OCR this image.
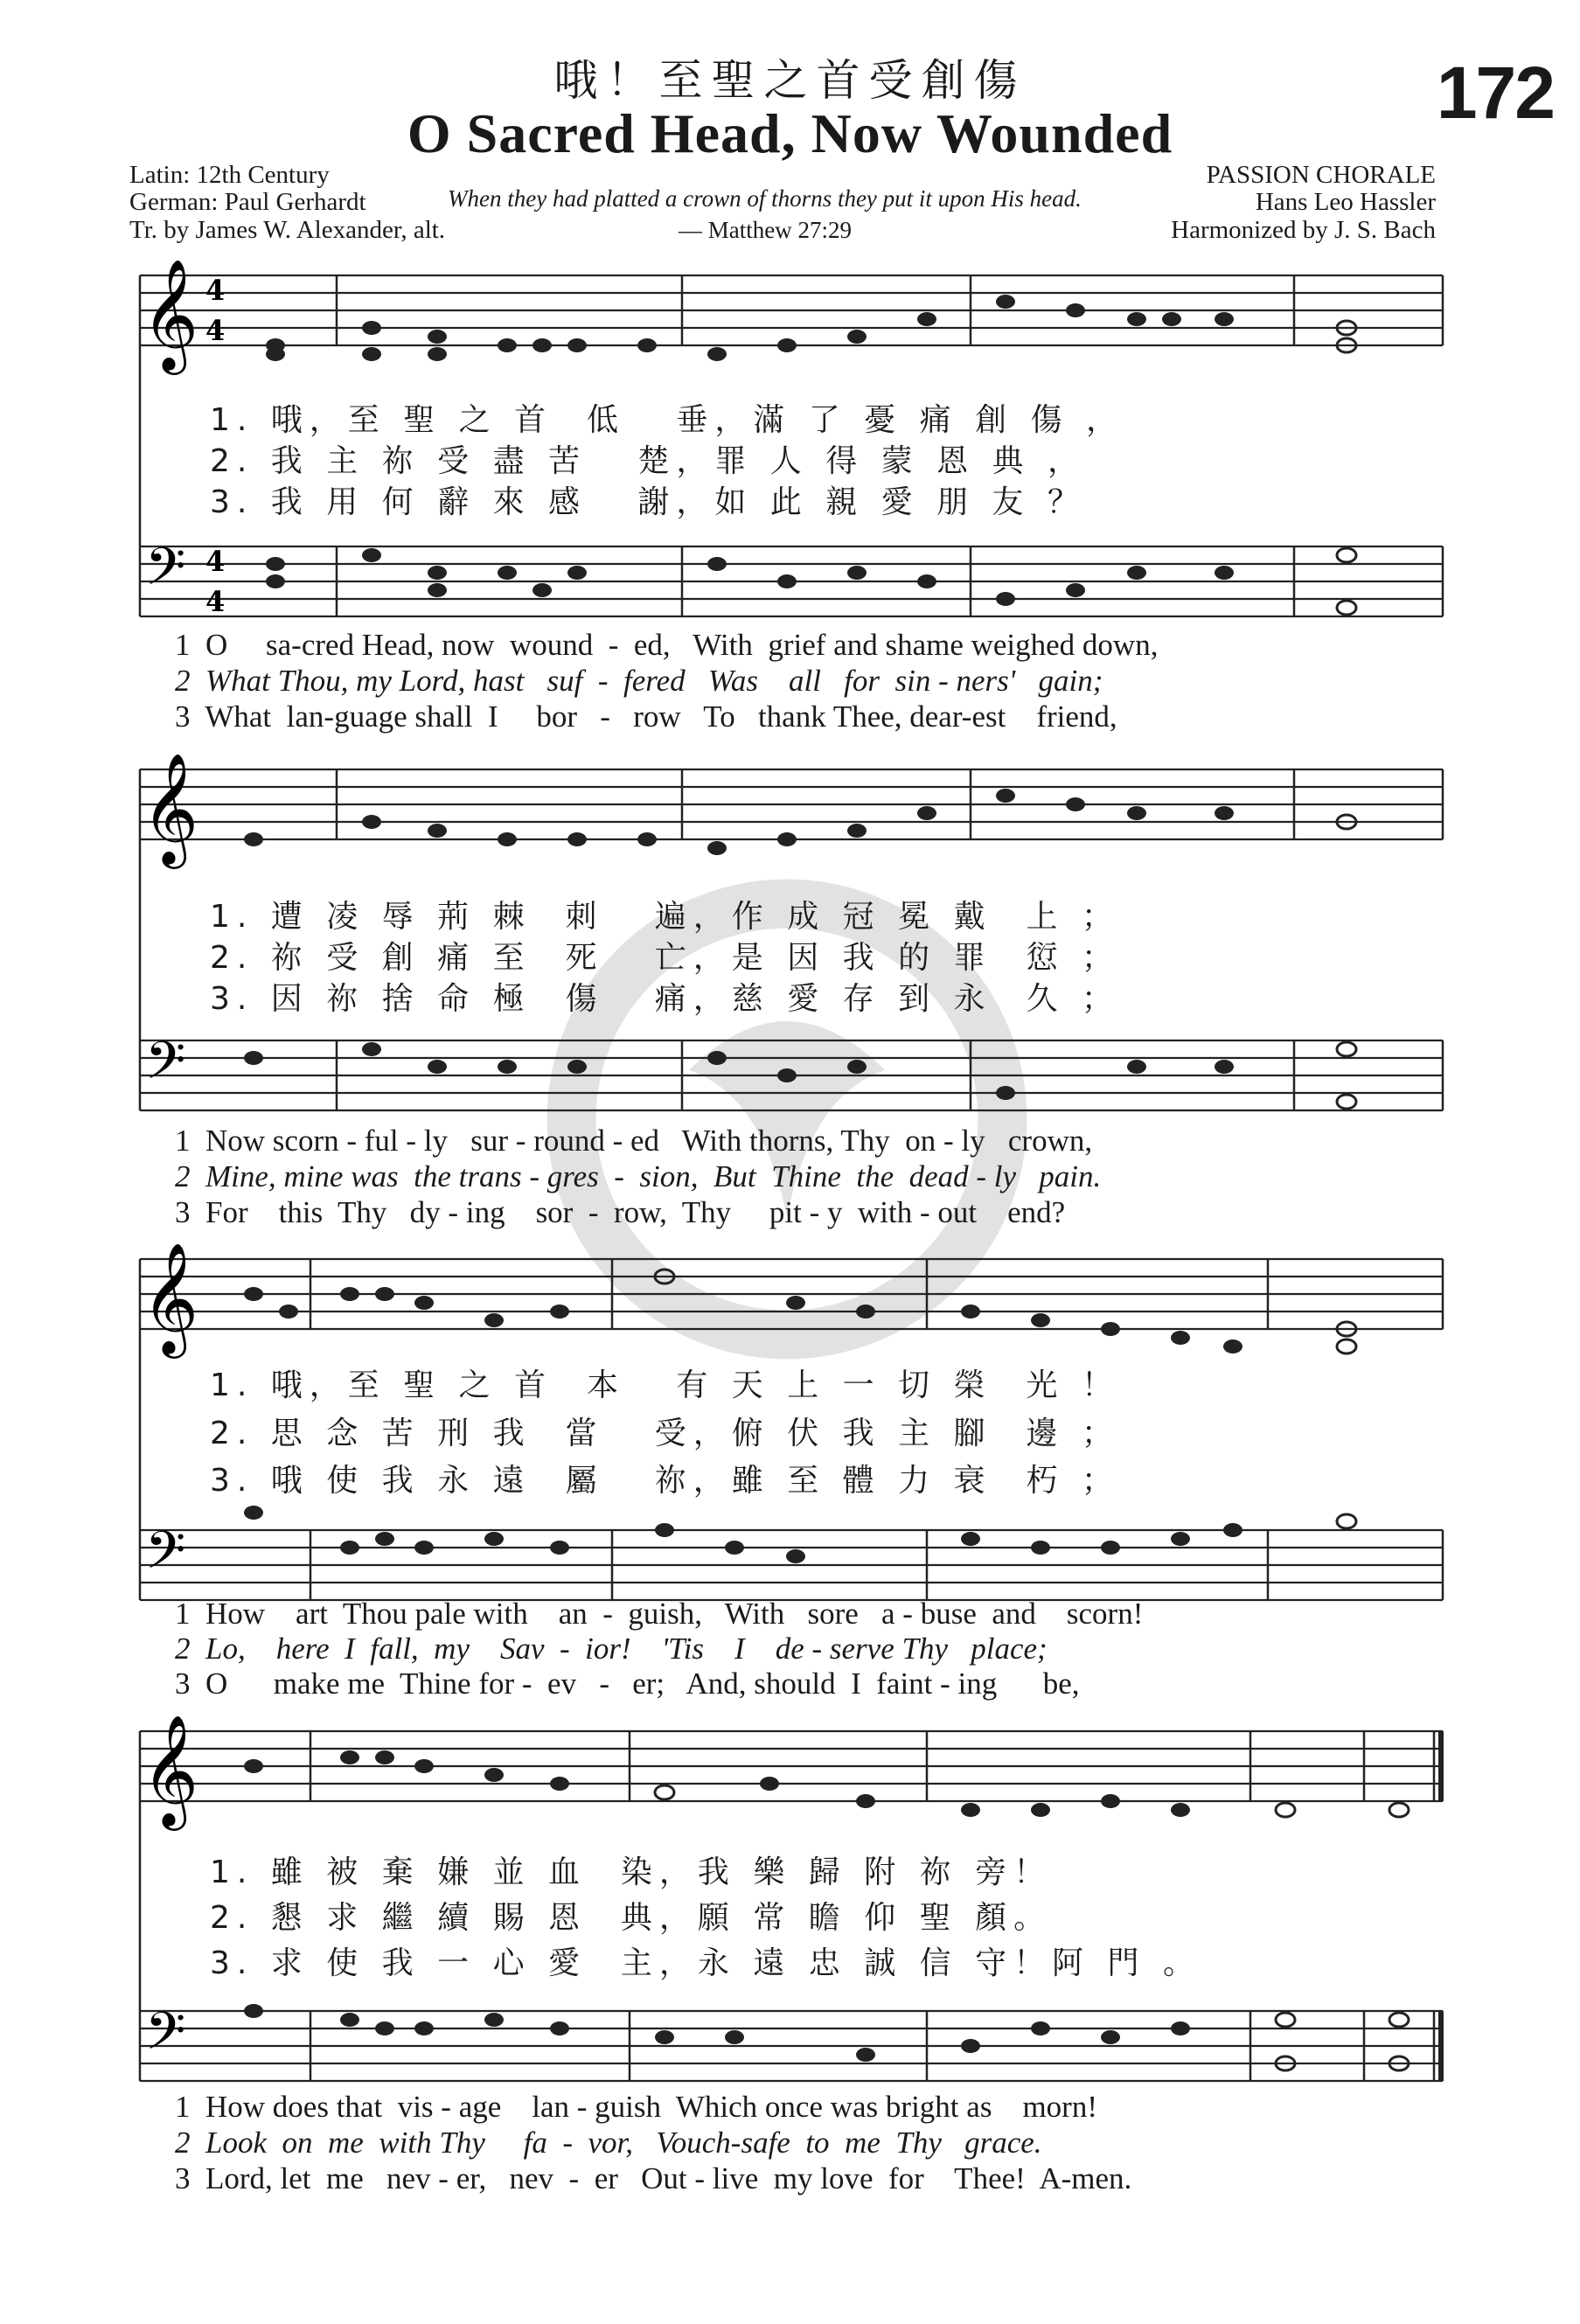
哦！至聖之首受創傷	172
O Sacred Head, Now Wounded
Latin: 12th Century
German: Paul Gerhardt
Tr. by James W. Alexander, alt.
When they had platted a crown of thorns they put it upon His head.
— Matthew 27:29
PASSION CHORALE
Hans Leo Hassler
Harmonized by J. S. Bach
𝄞 4
4
𝄢 4
4
1. 哦，至 聖 之 首  低   垂，滿 了 憂 痛 創 傷 ，
2. 我 主 祢 受 盡 苦   楚，罪 人 得 蒙 恩 典 ，
3. 我 用 何 辭 來 感   謝，如 此 親 愛 朋 友 ？
1  O     sa-cred Head, now  wound  -  ed,   With  grief and shame weighed down,
2  What Thou, my Lord, hast   suf  -  fered   Was    all   for  sin - ners'   gain;
3  What  lan-guage shall  I     bor   -   row   To   thank Thee, dear-est    friend,
𝄞
𝄢
1. 遭 凌 辱 荊 棘  刺   遍，作 成 冠 冕 戴  上 ；
2. 祢 受 創 痛 至  死   亡，是 因 我 的 罪  愆 ；
3. 因 祢 捨 命 極  傷   痛，慈 愛 存 到 永  久 ；
1  Now scorn - ful - ly   sur - round - ed   With thorns, Thy  on - ly   crown,
2  Mine, mine was  the trans - gres  -  sion,  But  Thine  the  dead - ly   pain.
3  For    this  Thy   dy - ing    sor  -  row,  Thy     pit - y  with - out    end?
𝄞
𝄢
1. 哦，至 聖 之 首  本   有 天 上 一 切 榮  光 ！
2. 思 念 苦 刑 我  當   受，俯 伏 我 主 腳  邊 ；
3. 哦 使 我 永 遠  屬   祢，雖 至 體 力 衰  朽 ；
1  How    art  Thou pale with    an  -  guish,   With   sore   a - buse  and    scorn!
2  Lo,    here  I  fall,  my    Sav  -  ior!    'Tis    I    de - serve Thy   place;
3  O      make me  Thine for -  ev   -   er;   And, should  I  faint - ing      be,
𝄞
𝄢
1. 雖 被 棄 嫌 並 血  染，我 樂 歸 附 祢 旁！
2. 懇 求 繼 續 賜 恩  典，願 常 瞻 仰 聖 顏。
3. 求 使 我 一 心 愛  主，永 遠 忠 誠 信 守！阿 門 。
1  How does that  vis - age    lan - guish  Which once was bright as    morn!
2  Look  on  me  with Thy     fa  -  vor,   Vouch-safe  to  me  Thy   grace.
3  Lord, let  me   nev - er,   nev  -  er   Out - live  my love  for    Thee!  A-men.
